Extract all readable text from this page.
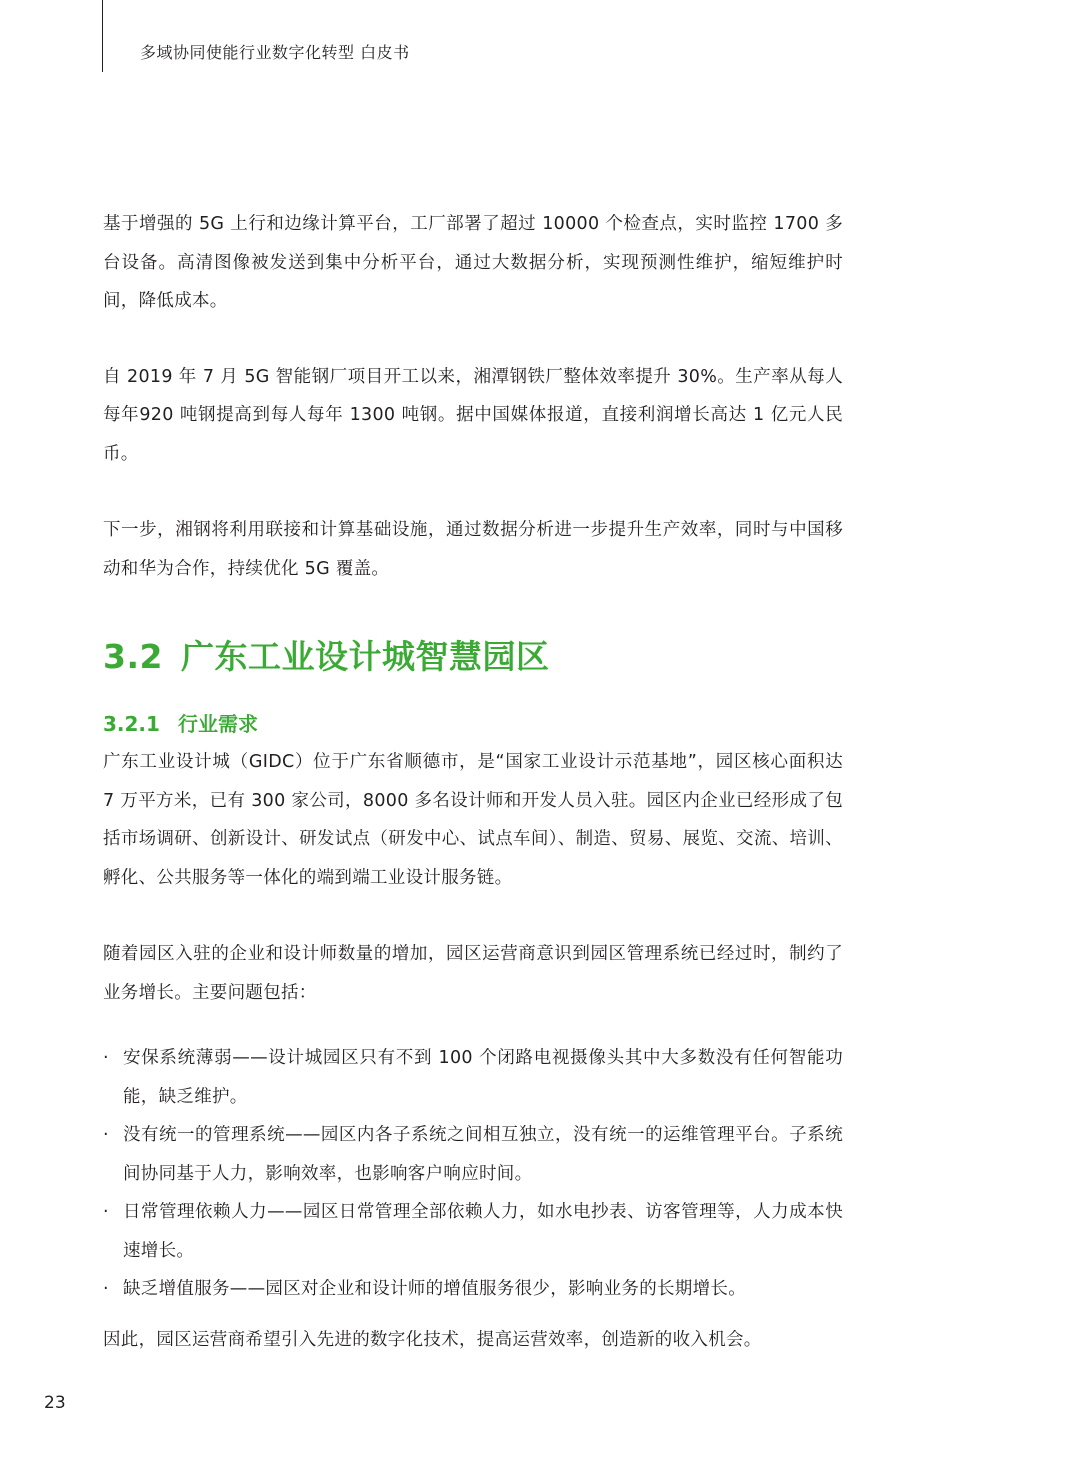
多域协同使能行业数字化转型 白皮书

基于增强的 5G 上行和边缘计算平台，工厂部署了超过 10000 个检查点，实时监控 1700 多台设备。高清图像被发送到集中分析平台，通过大数据分析，实现预测性维护，缩短维护时间，降低成本。

自 2019 年 7 月 5G 智能钢厂项目开工以来，湘潭钢铁厂整体效率提升 30%。生产率从每人每年920 吨钢提高到每人每年 1300 吨钢。据中国媒体报道，直接利润增长高达 1 亿元人民币。

下一步，湘钢将利用联接和计算基础设施，通过数据分析进一步提升生产效率，同时与中国移动和华为合作，持续优化 5G 覆盖。

3.2 广东工业设计城智慧园区
3.2.1 行业需求

广东工业设计城（GIDC）位于广东省顺德市，是“国家工业设计示范基地”，园区核心面积达 7 万平方米，已有 300 家公司，8000 多名设计师和开发人员入驻。园区内企业已经形成了包括市场调研、创新设计、研发试点（研发中心、试点车间）、制造、贸易、展览、交流、培训、孵化、公共服务等一体化的端到端工业设计服务链。

随着园区入驻的企业和设计师数量的增加，园区运营商意识到园区管理系统已经过时，制约了业务增长。主要问题包括：

· 安保系统薄弱——设计城园区只有不到 100 个闭路电视摄像头其中大多数没有任何智能功能，缺乏维护。
· 没有统一的管理系统——园区内各子系统之间相互独立，没有统一的运维管理平台。子系统间协同基于人力，影响效率，也影响客户响应时间。
· 日常管理依赖人力——园区日常管理全部依赖人力，如水电抄表、访客管理等，人力成本快速增长。
· 缺乏增值服务——园区对企业和设计师的增值服务很少，影响业务的长期增长。

因此，园区运营商希望引入先进的数字化技术，提高运营效率，创造新的收入机会。

23
